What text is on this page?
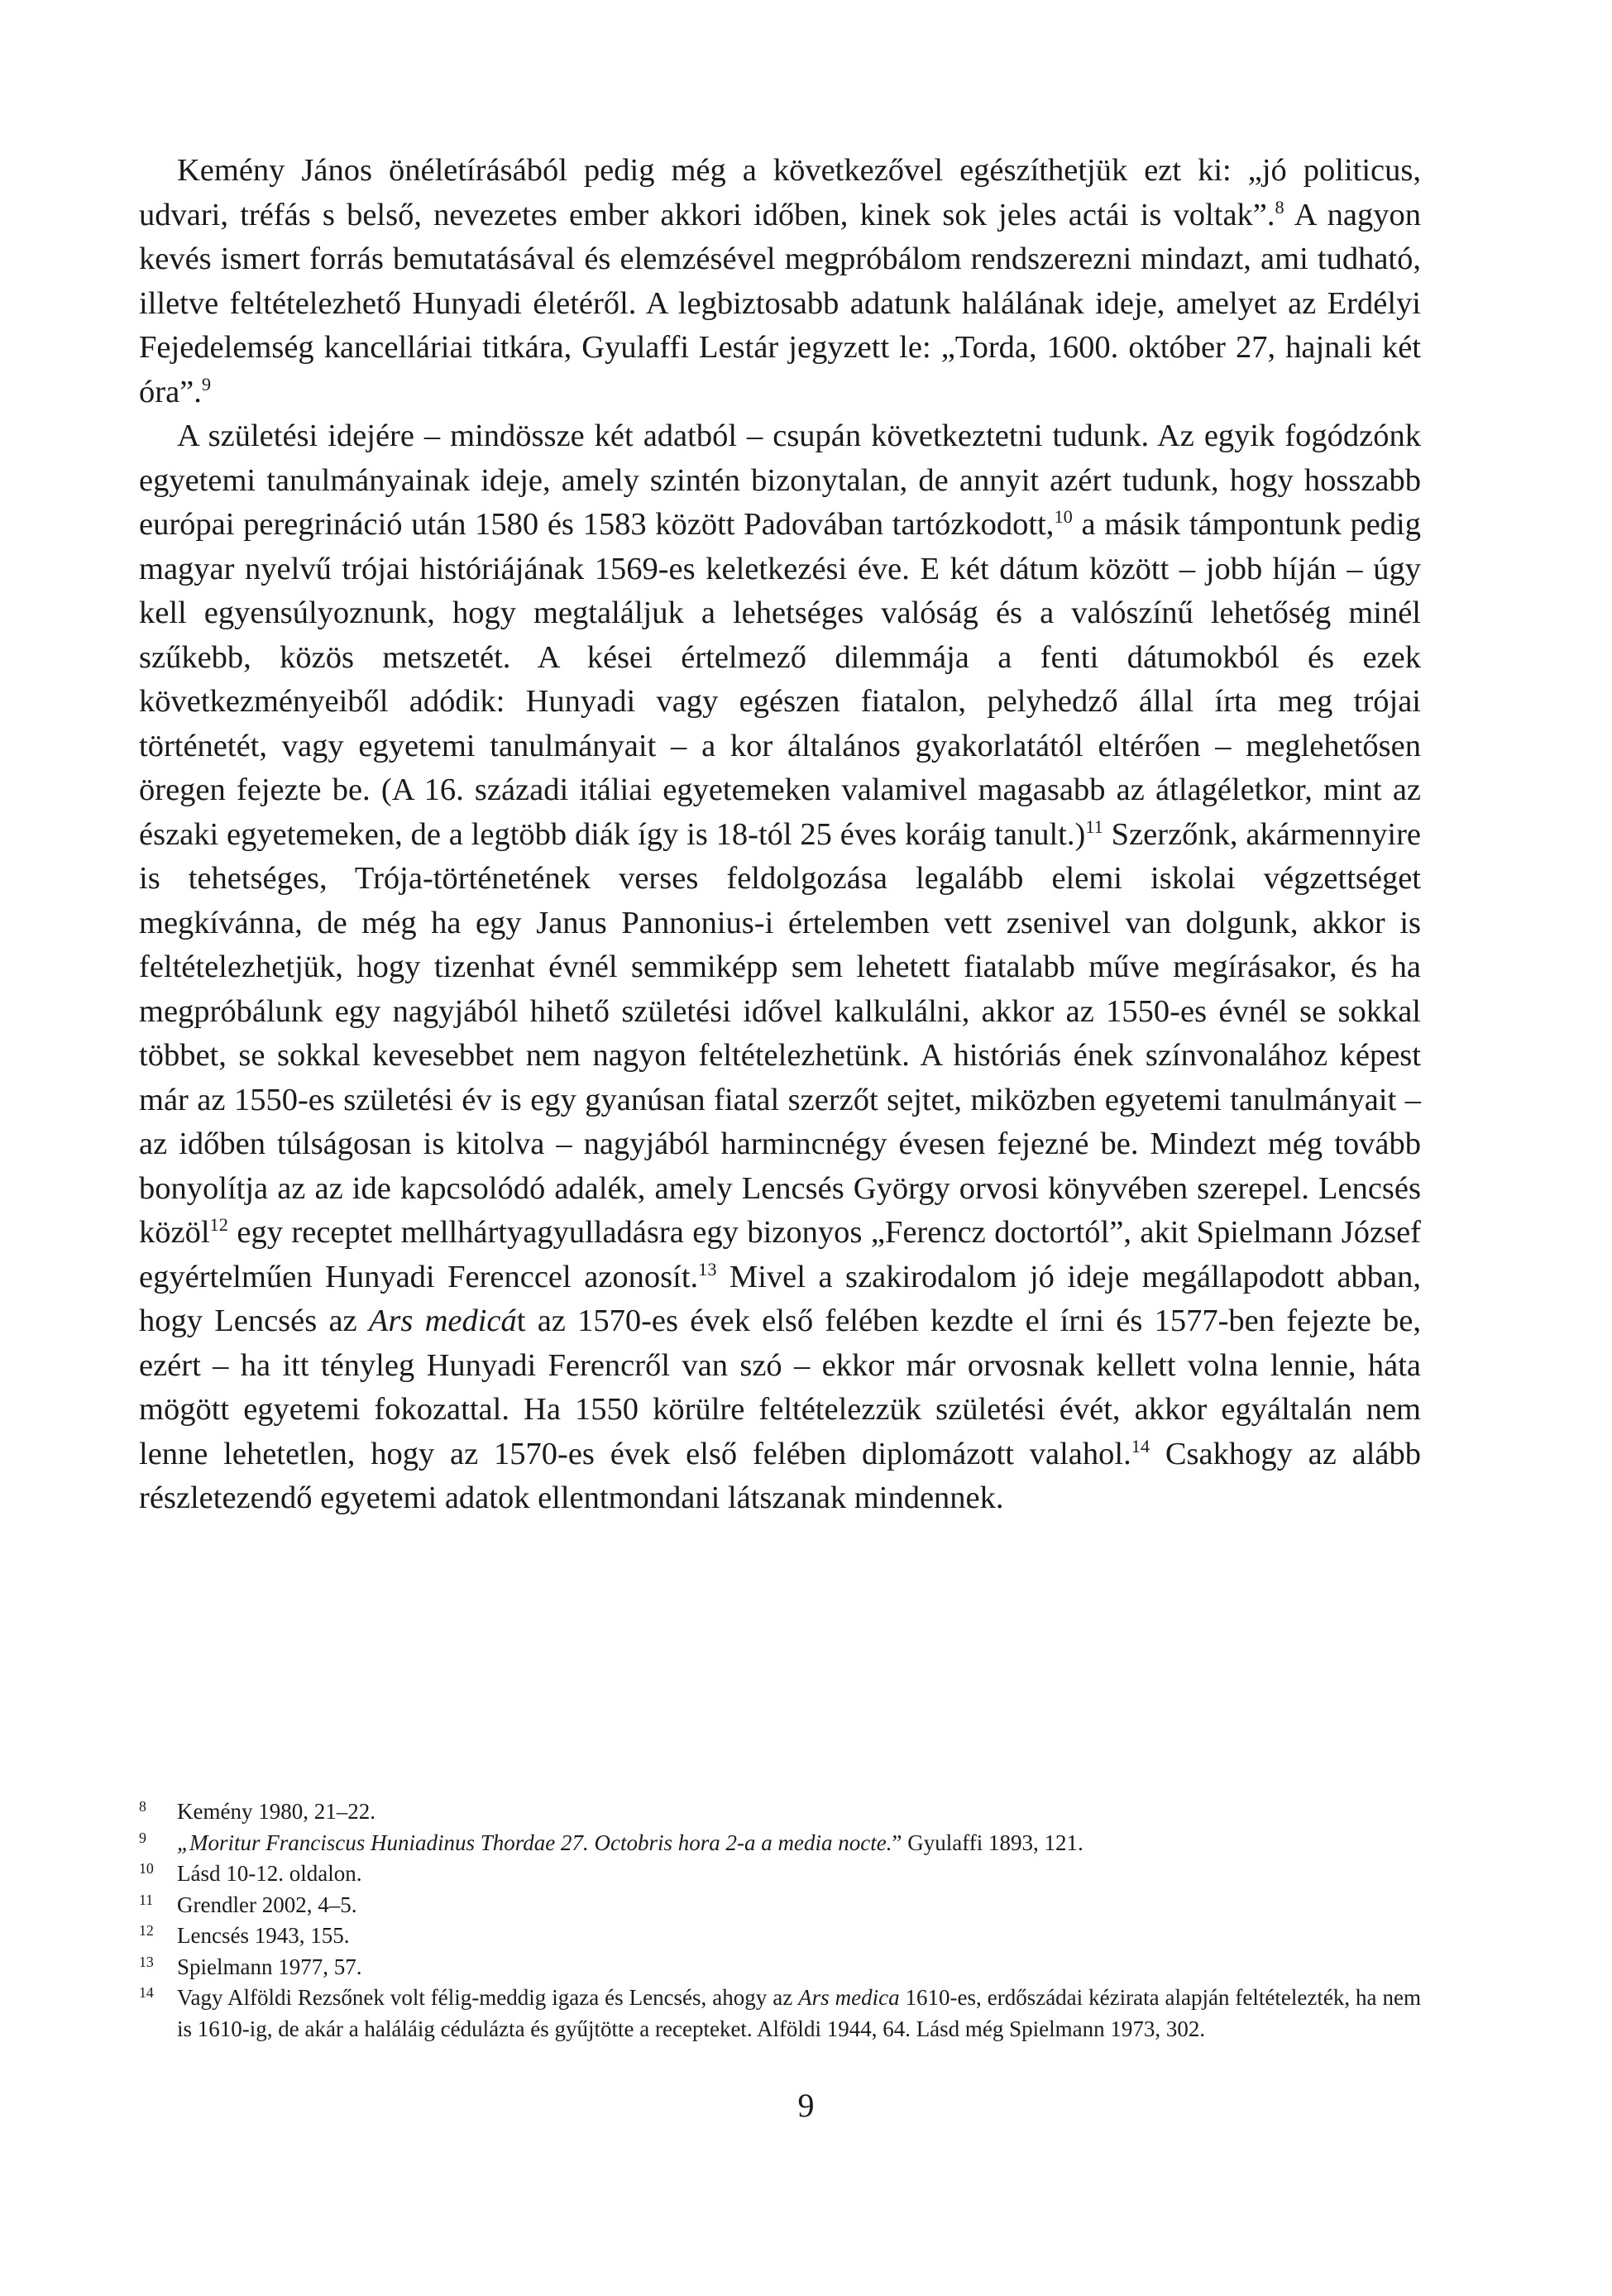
Kemény János önéletírásából pedig még a következővel egészíthetjük ezt ki: „jó politicus, udvari, tréfás s belső, nevezetes ember akkori időben, kinek sok jeles actái is voltak”.$^8$ A nagyon kevés ismert forrás bemutatásával és elemzésével megpróbálom rendszerezni mindazt, ami tudható, illetve feltételezhető Hunyadi életéről. A legbiztosabb adatunk halálának ideje, amelyet az Erdélyi Fejedelemség kancelláriai titkára, Gyulaffi Lestár jegyzett le: „Torda, 1600. október 27, hajnali két óra”.$^9$

A születési idejére – mindössze két adatból – csupán következtetni tudunk. Az egyik fogódzónk egyetemi tanulmányainak ideje, amely szintén bizonytalan, de annyit azért tudunk, hogy hosszabb európai peregrináció után 1580 és 1583 között Padovában tartózkodott,$^{10}$ a másik támpontunk pedig magyar nyelvű trójai históriájának 1569-es keletkezési éve. E két dátum között – jobb híján – úgy kell egyensúlyoznunk, hogy megtaláljuk a lehetséges valóság és a valószínű lehetőség minél szűkebb, közös metszetét. A kései értelmező dilemmája a fenti dátumokból és ezek következményeiből adódik: Hunyadi vagy egészen fiatalon, pelyhedző állal írta meg trójai történetét, vagy egyetemi tanulmányait – a kor általános gyakorlatától eltérően – meglehetősen öregen fejezte be. (A 16. századi itáliai egyetemeken valamivel magasabb az átlagéletkor, mint az északi egyetemeken, de a legtöbb diák így is 18-tól 25 éves koráig tanult.)$^{11}$ Szerzőnk, akármennyire is tehetséges, Trója-történetének verses feldolgozása legalább elemi iskolai végzettséget megkívánna, de még ha egy Janus Pannonius-i értelemben vett zsenivel van dolgunk, akkor is feltételezhetjük, hogy tizenhat évnél semmiképp sem lehetett fiatalabb műve megírásakor, és ha megpróbálunk egy nagyjából hihető születési idővel kalkulálni, akkor az 1550-es évnél se sokkal többet, se sokkal kevesebbet nem nagyon feltételezhetünk. A históriás ének színvonalához képest már az 1550-es születési év is egy gyanúsan fiatal szerzőt sejtet, miközben egyetemi tanulmányait – az időben túlságosan is kitolva – nagyjából harmincnégy évesen fejezné be. Mindezt még tovább bonyolítja az az ide kapcsolódó adalék, amely Lencsés György orvosi könyvében szerepel. Lencsés közöl$^{12}$ egy receptet mellhártyagyulladásra egy bizonyos „Ferencz doctortól”, akit Spielmann József egyértelműen Hunyadi Ferenccel azonosít.$^{13}$ Mivel a szakirodalom jó ideje megállapodott abban, hogy Lencsés az Ars medicát az 1570-es évek első felében kezdte el írni és 1577-ben fejezte be, ezért – ha itt tényleg Hunyadi Ferencről van szó – ekkor már orvosnak kellett volna lennie, háta mögött egyetemi fokozattal. Ha 1550 körülre feltételezzük születési évét, akkor egyáltalán nem lenne lehetetlen, hogy az 1570-es évek első felében diplomázott valahol.$^{14}$ Csakhogy az alább részletezendő egyetemi adatok ellentmondani látszanak mindennek.

8 Kemény 1980, 21–22.

9 „Moritur Franciscus Huniadinus Thordae 27. Octobris hora 2-a a media nocte.” Gyulaffi 1893, 121.

10 Lásd 10-12. oldalon.

11 Grendler 2002, 4–5.

12 Lencsés 1943, 155.

13 Spielmann 1977, 57.

14 Vagy Alföldi Rezsőnek volt félig-meddig igaza és Lencsés, ahogy az Ars medica 1610-es, erdőszádai kézirata alapján feltételezték, ha nem is 1610-ig, de akár a haláláig cédulázta és gyűjtötte a recepteket. Alföldi 1944, 64. Lásd még Spielmann 1973, 302.

9
